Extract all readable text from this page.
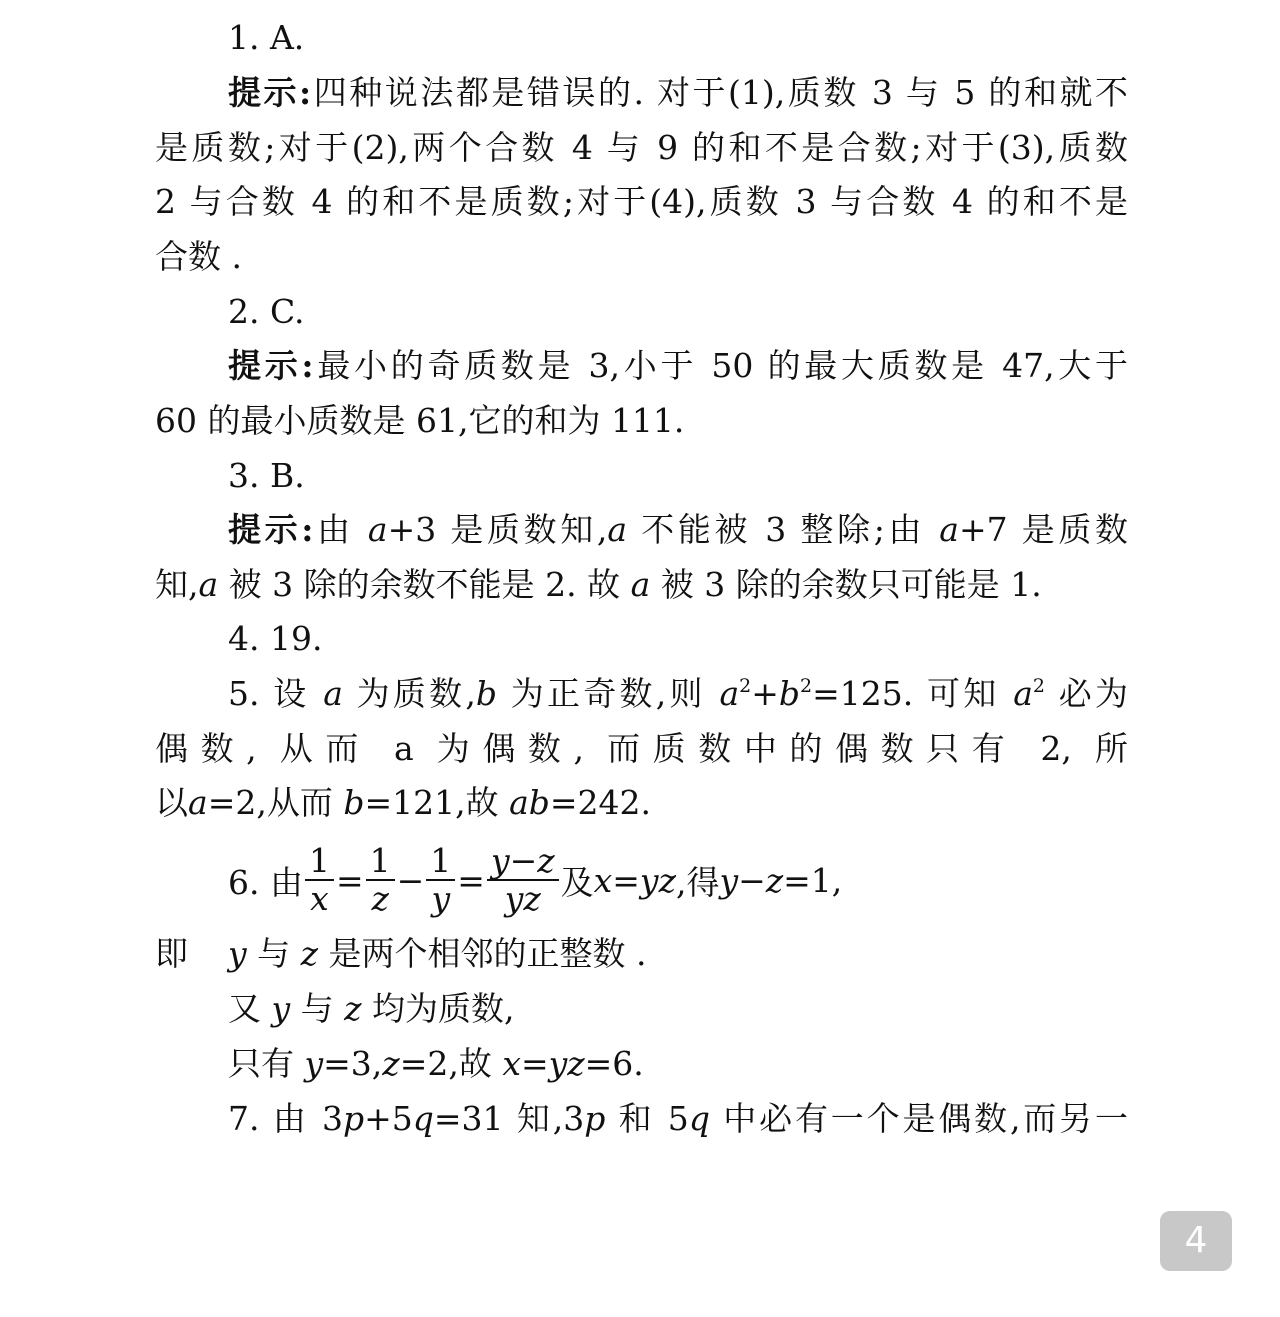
1. A.
提示:四种说法都是错误的. 对于(1),质数 3 与 5 的和就不
是质数;对于(2),两个合数 4 与 9 的和不是合数;对于(3),质数
2 与合数 4 的和不是质数;对于(4),质数 3 与合数 4 的和不是
合数 .
2. C.
提示:最小的奇质数是 3,小于 50 的最大质数是 47,大于
60 的最小质数是 61,它的和为 111.
3. B.
提示:由 a+3 是质数知,a 不能被 3 整除;由 a+7 是质数
知,a 被 3 除的余数不能是 2. 故 a 被 3 除的余数只可能是 1.
4. 19.
5. 设 a 为质数,b 为正奇数,则 $a^2+b^2=125$. 可知 $a^2$ 必为
偶数, 从而 a 为偶数, 而质数中的偶数只有 2, 所
以a=2,从而 b=121,故 ab=242.
6. 由 $\frac{1}{x} = \frac{1}{z} - \frac{1}{y} = \frac{y-z}{yz}$ 及 x = yz ,得 y − z =1,
即 y 与 z 是两个相邻的正整数 .
又 y 与 z 均为质数,
只有 y=3,z=2,故 x=yz=6.
7. 由 3p+5q=31 知,3p 和 5q 中必有一个是偶数,而另一
4
